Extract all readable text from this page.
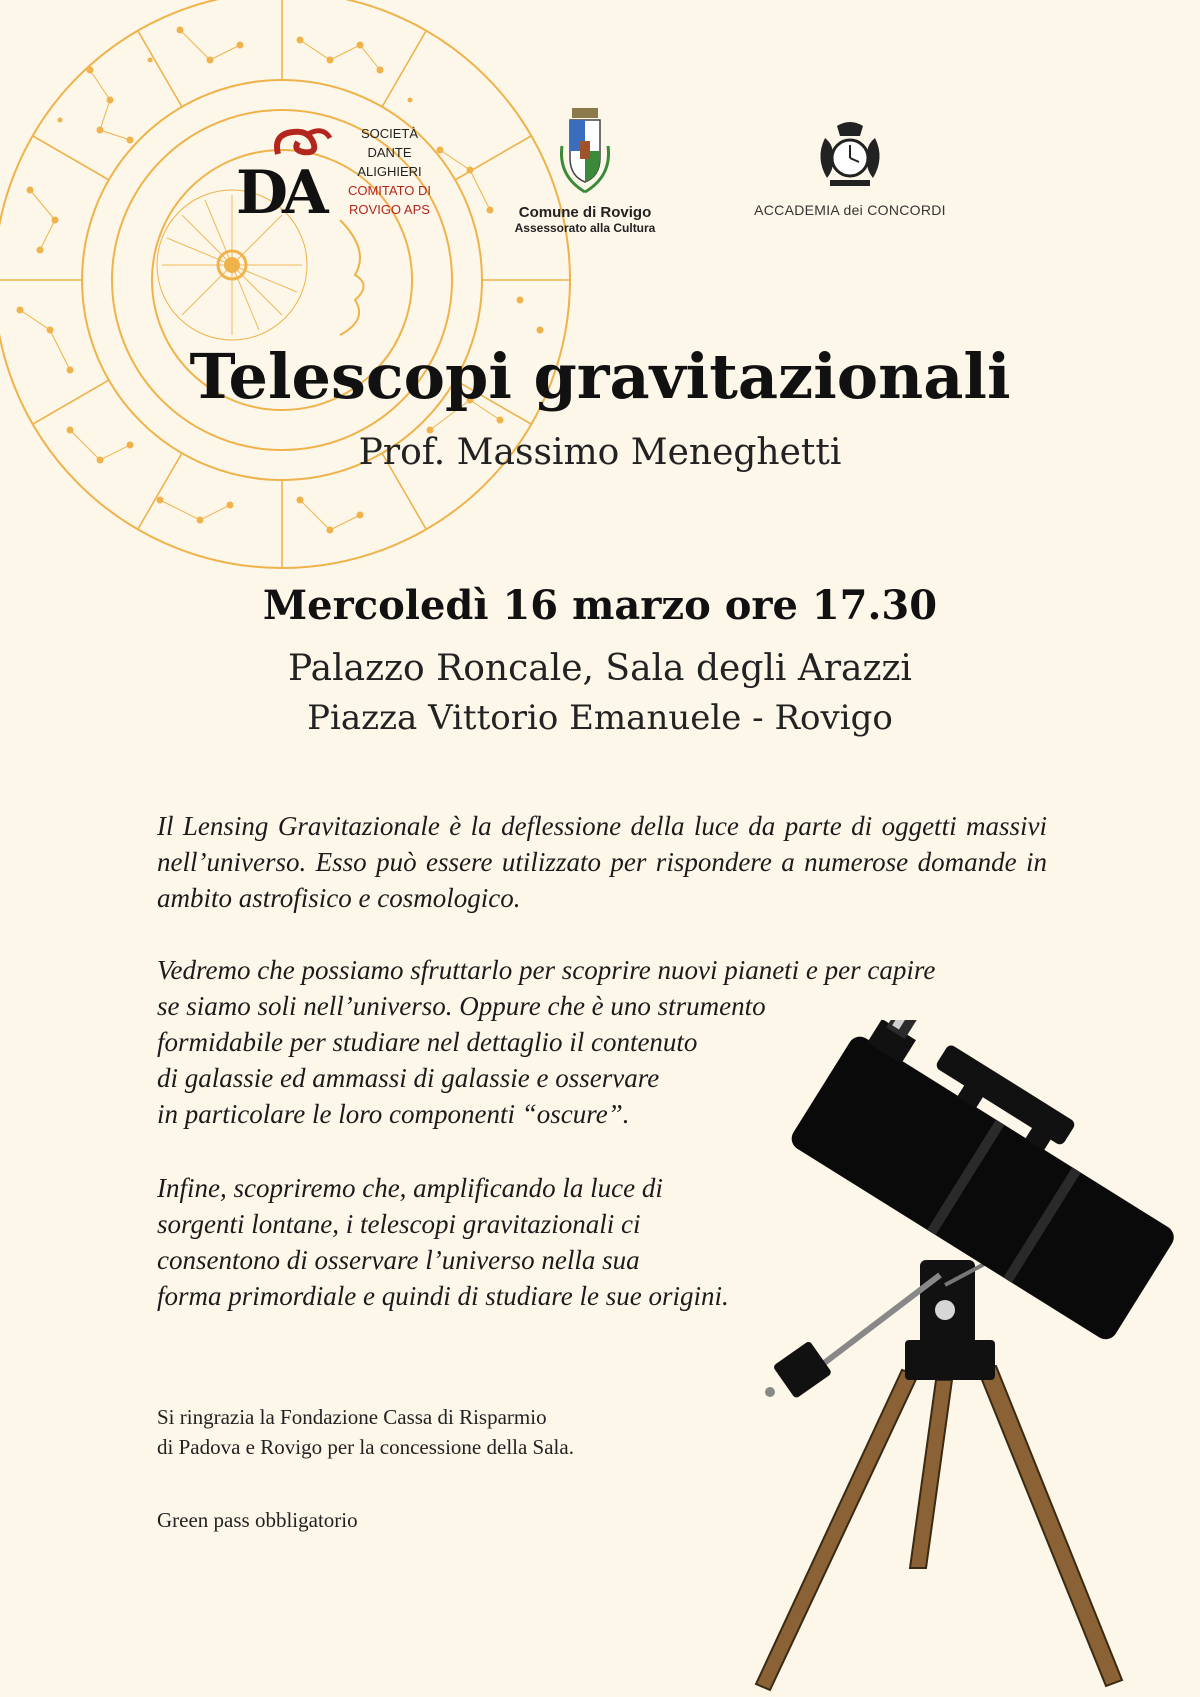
DA
SOCIETÀ
DANTE
ALIGHIERI
COMITATO DI
ROVIGO APS	Comune di Rovigo
Assessorato alla Cultura
ACCADEMIA dei CONCORDI
Telescopi gravitazionali
Prof. Massimo Meneghetti
Mercoledì 16 marzo ore 17.30
Palazzo Roncale, Sala degli Arazzi
Piazza Vittorio Emanuele - Rovigo
Il Lensing Gravitazionale è la deflessione della luce da parte di oggetti massivi nell’universo. Esso può essere utilizzato per rispondere a numerose domande in ambito astrofisico e cosmologico.
Vedremo che possiamo sfruttarlo per scoprire nuovi pianeti e per capire
se siamo soli nell’universo. Oppure che è uno strumento
formidabile per studiare nel dettaglio il contenuto
di galassie ed ammassi di galassie e osservare
in particolare le loro componenti “oscure”.
Infine, scopriremo che, amplificando la luce di
sorgenti lontane, i telescopi gravitazionali ci
consentono di osservare l’universo nella sua
forma primordiale e quindi di studiare le sue origini.
Si ringrazia la Fondazione Cassa di Risparmio
di Padova e Rovigo per la concessione della Sala.
Green pass obbligatorio
